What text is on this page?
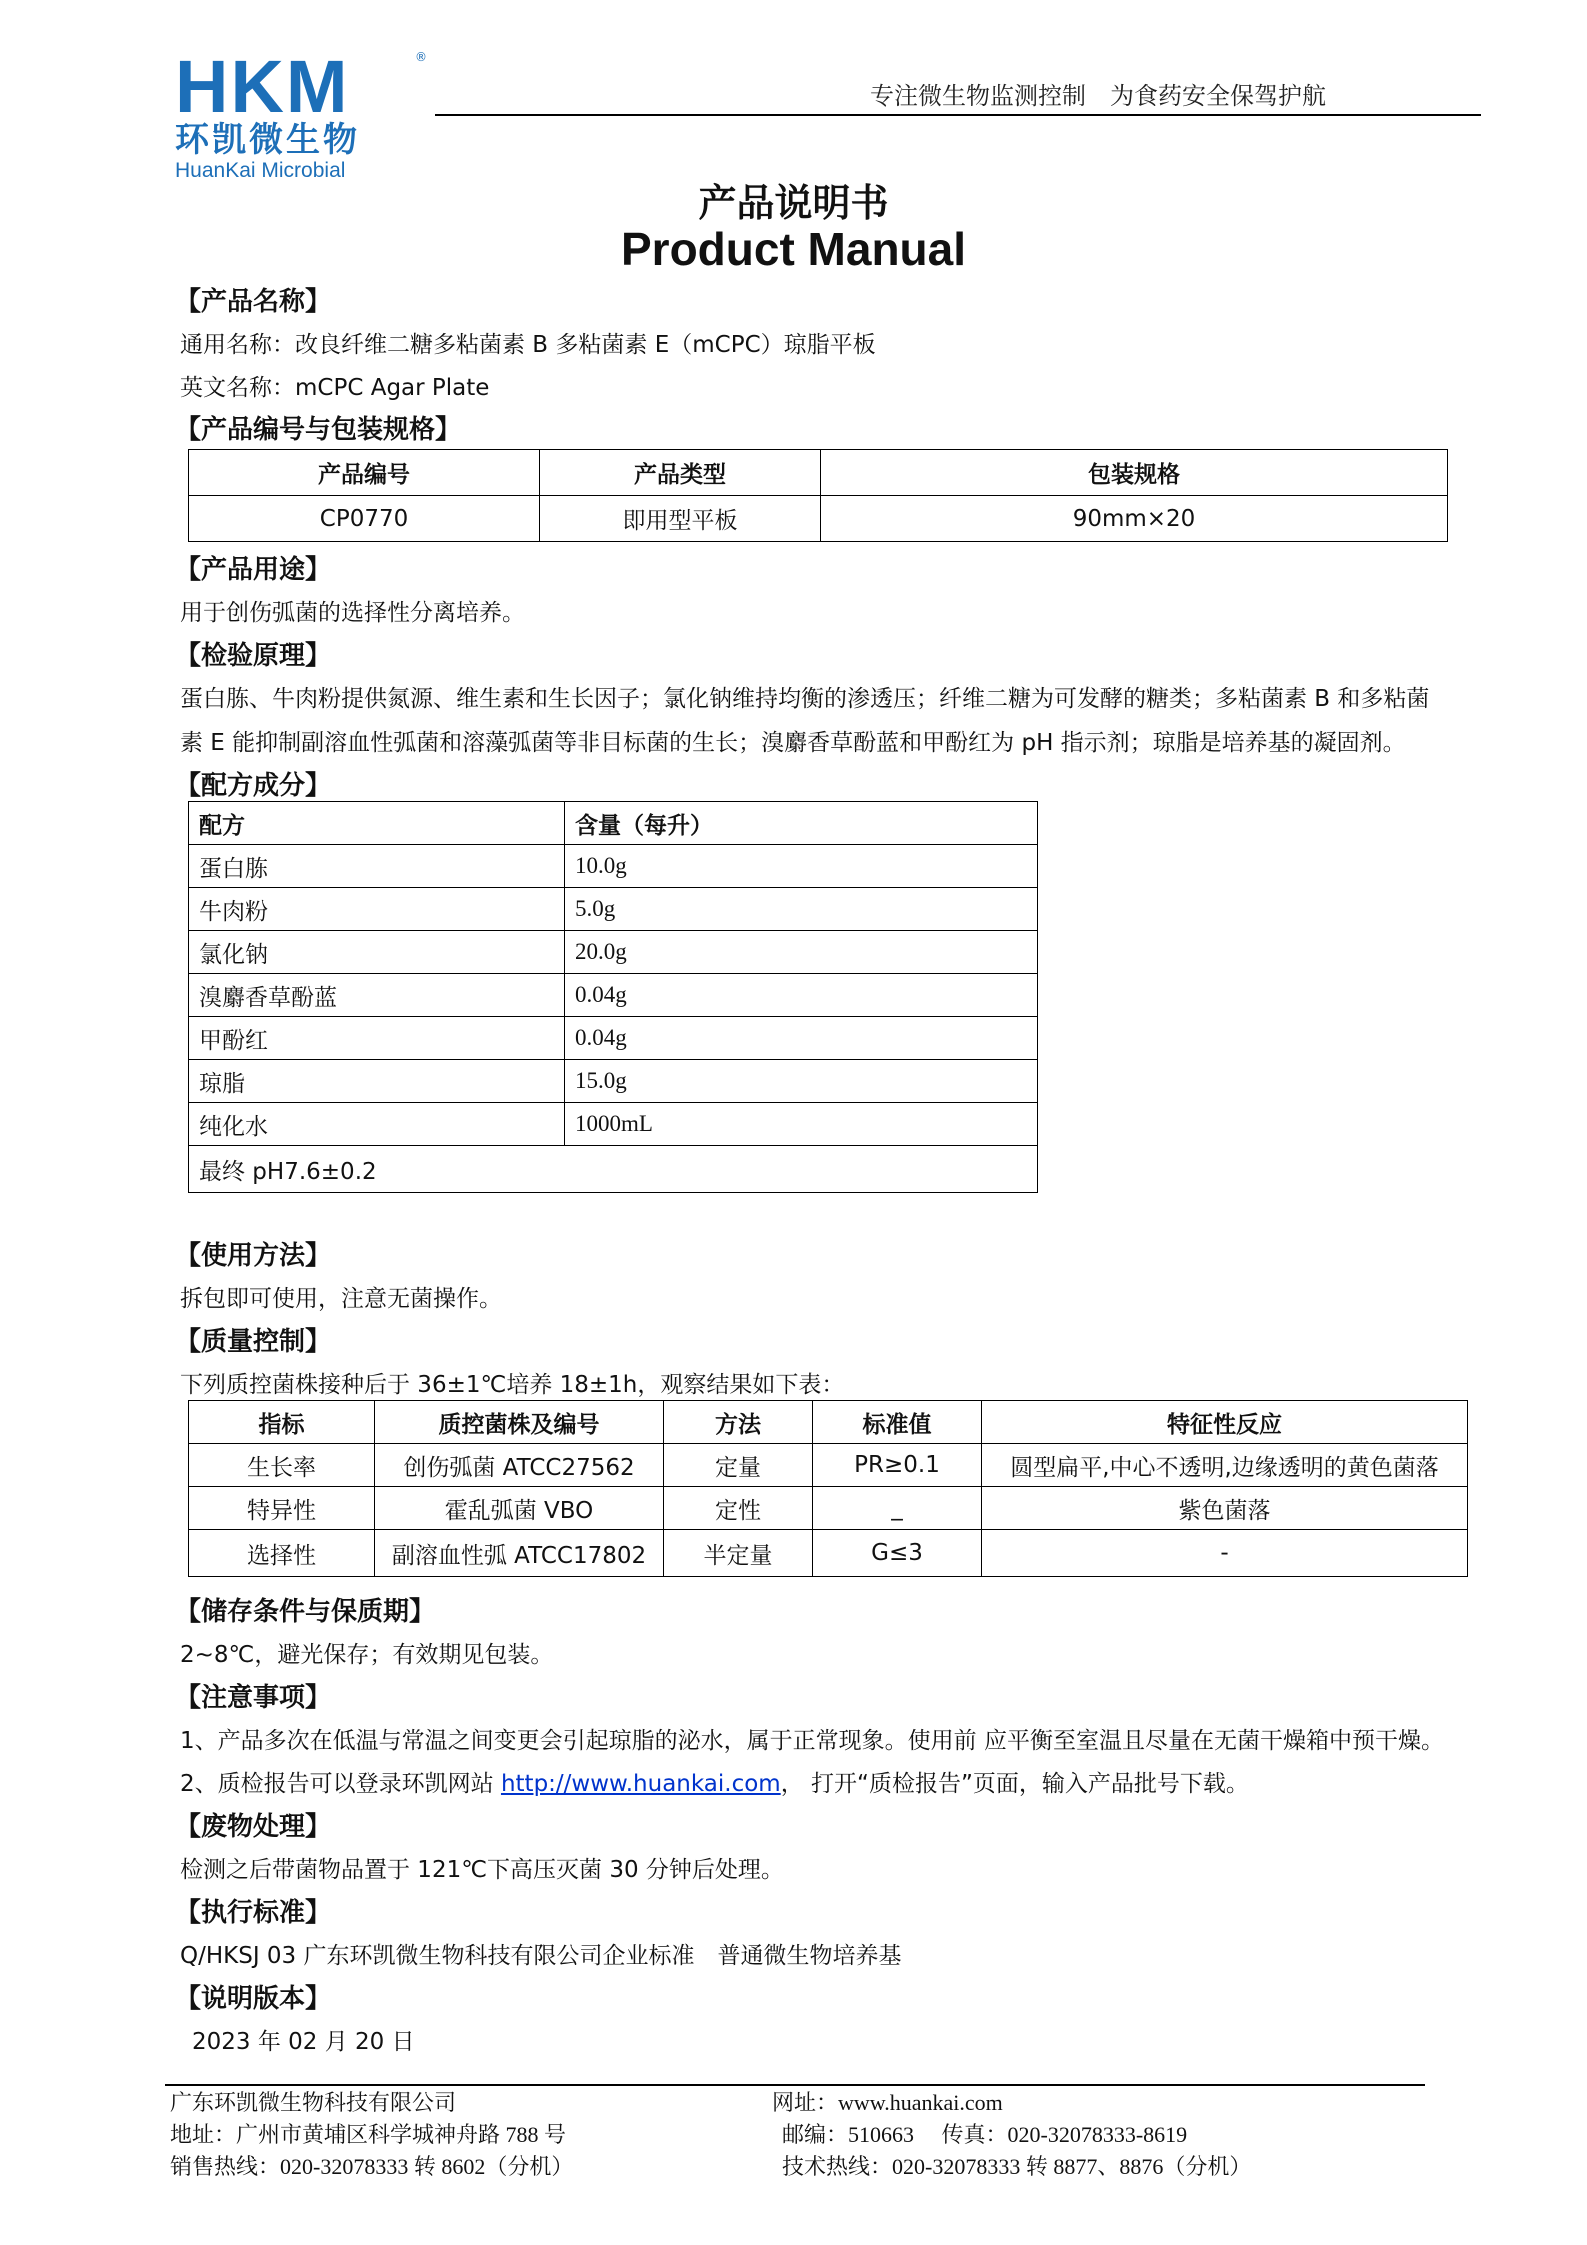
HKM	®
环凯微生物
HuanKai Microbial
专注微生物监测控制　为食药安全保驾护航
产品说明书
Product Manual
【产品名称】
通用名称：改良纤维二糖多粘菌素 B 多粘菌素 E（mCPC）琼脂平板
英文名称：mCPC Agar Plate
【产品编号与包装规格】
产品编号	产品类型	包装规格
CP0770	即用型平板	90mm×20
【产品用途】
用于创伤弧菌的选择性分离培养。
【检验原理】
蛋白胨、牛肉粉提供氮源、维生素和生长因子；氯化钠维持均衡的渗透压；纤维二糖为可发酵的糖类；多粘菌素 B 和多粘菌
素 E 能抑制副溶血性弧菌和溶藻弧菌等非目标菌的生长；溴麝香草酚蓝和甲酚红为 pH 指示剂；琼脂是培养基的凝固剂。
【配方成分】
配方	含量（每升）
蛋白胨	10.0g
牛肉粉	5.0g
氯化钠	20.0g
溴麝香草酚蓝	0.04g
甲酚红	0.04g
琼脂	15.0g
纯化水	1000mL
最终 pH7.6±0.2	
【使用方法】
拆包即可使用，注意无菌操作。
【质量控制】
下列质控菌株接种后于 36±1℃培养 18±1h，观察结果如下表：
指标	质控菌株及编号	方法	标准值	特征性反应
生长率	创伤弧菌 ATCC27562	定量	PR≥0.1	圆型扁平,中心不透明,边缘透明的黄色菌落
特异性	霍乱弧菌 VBO	定性	_	紫色菌落
选择性	副溶血性弧 ATCC17802	半定量	G≤3	-
【储存条件与保质期】
2~8℃，避光保存；有效期见包装。
【注意事项】
1、产品多次在低温与常温之间变更会引起琼脂的泌水，属于正常现象。使用前 应平衡至室温且尽量在无菌干燥箱中预干燥。
2、质检报告可以登录环凯网站 http://www.huankai.com， 打开“质检报告”页面，输入产品批号下载。
【废物处理】
检测之后带菌物品置于 121℃下高压灭菌 30 分钟后处理。
【执行标准】
Q/HKSJ 03 广东环凯微生物科技有限公司企业标准　普通微生物培养基
【说明版本】
2023 年 02 月 20 日
广东环凯微生物科技有限公司	网址：www.huankai.com
地址：广州市黄埔区科学城神舟路 788 号	邮编：510663　 传真：020-32078333-8619
销售热线：020-32078333 转 8602（分机）	技术热线：020-32078333 转 8877、8876（分机）
